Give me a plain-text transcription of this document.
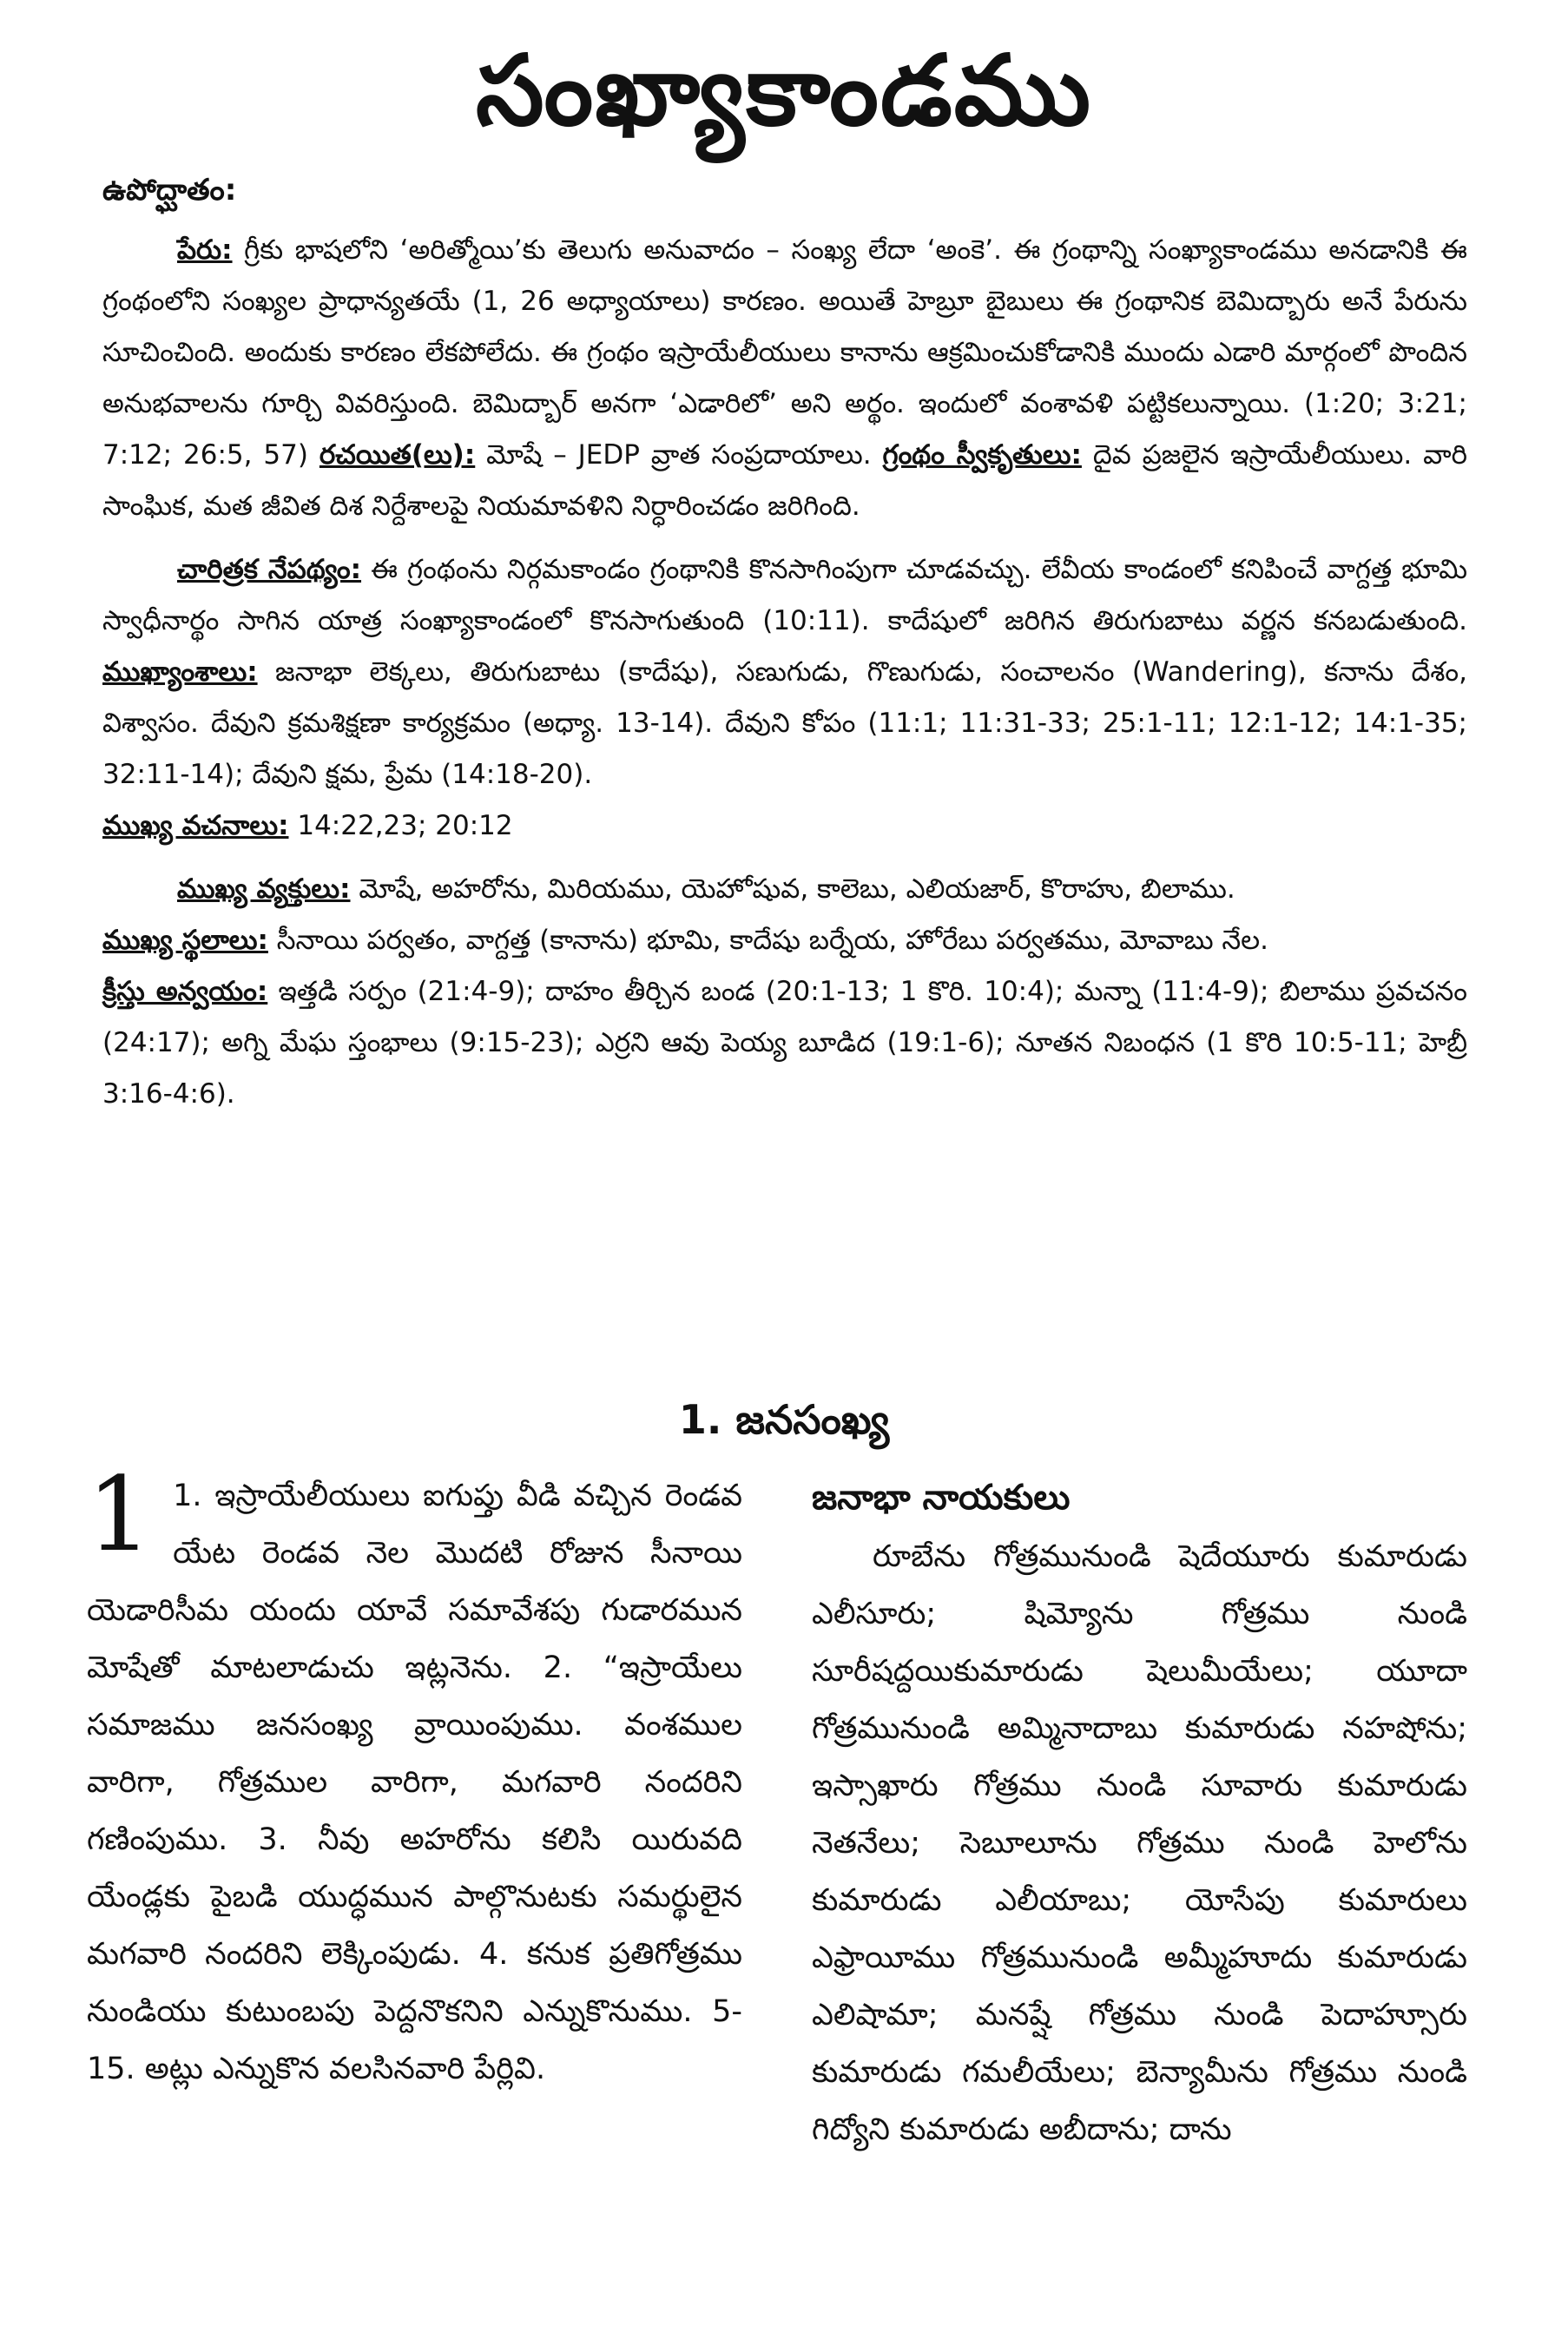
సంఖ్యాకాండము
ఉపోద్ఘాతం:

పేరు: గ్రీకు భాషలోని ‘అరిత్మోయి’కు తెలుగు అనువాదం – సంఖ్య లేదా ‘అంకె’. ఈ గ్రంథాన్ని సంఖ్యాకాండము అనడానికి ఈ గ్రంథంలోని సంఖ్యల ప్రాధాన్యతయే (1, 26 అధ్యాయాలు) కారణం. అయితే హెబ్రూ బైబులు ఈ గ్రంథానిక బెమిద్బారు అనే పేరును సూచించింది. అందుకు కారణం లేకపోలేదు. ఈ గ్రంథం ఇస్రాయేలీయులు కానాను ఆక్రమించుకోడానికి ముందు ఎడారి మార్గంలో పొందిన అనుభవాలను గూర్చి వివరిస్తుంది. బెమిద్బార్ అనగా ‘ఎడారిలో’ అని అర్థం. ఇందులో వంశావళి పట్టికలున్నాయి. (1:20; 3:21; 7:12; 26:5, 57) రచయిత(లు): మోషే – JEDP వ్రాత సంప్రదాయాలు. గ్రంథం స్వీకృతులు: దైవ ప్రజలైన ఇస్రాయేలీయులు. వారి సాంఘిక, మత జీవిత దిశ నిర్దేశాలపై నియమావళిని నిర్ధారించడం జరిగింది.

చారిత్రక నేపథ్యం: ఈ గ్రంథంను నిర్గమకాండం గ్రంథానికి కొనసాగింపుగా చూడవచ్చు. లేవీయ కాండంలో కనిపించే వాగ్దత్త భూమి స్వాధీనార్థం సాగిన యాత్ర సంఖ్యాకాండంలో కొనసాగుతుంది (10:11). కాదేషులో జరిగిన తిరుగుబాటు వర్ణన కనబడుతుంది. ముఖ్యాంశాలు: జనాభా లెక్కలు, తిరుగుబాటు (కాదేషు), సణుగుడు, గొణుగుడు, సంచాలనం (Wandering), కనాను దేశం, విశ్వాసం. దేవుని క్రమశిక్షణా కార్యక్రమం (అధ్యా. 13-14). దేవుని కోపం (11:1; 11:31-33; 25:1-11; 12:1-12; 14:1-35; 32:11-14); దేవుని క్షమ, ప్రేమ (14:18-20).
ముఖ్య వచనాలు: 14:22,23; 20:12

ముఖ్య వ్యక్తులు: మోషే, అహరోను, మిరియము, యెహోషువ, కాలెబు, ఎలియజార్, కొరాహు, బిలాము.
ముఖ్య స్థలాలు: సీనాయి పర్వతం, వాగ్దత్త (కానాను) భూమి, కాదేషు బర్నేయ, హోరేబు పర్వతము, మోవాబు నేల.
క్రీస్తు అన్వయం: ఇత్తడి సర్పం (21:4-9); దాహం తీర్చిన బండ (20:1-13; 1 కొరి. 10:4); మన్నా (11:4-9); బిలాము ప్రవచనం (24:17); అగ్ని మేఘ స్తంభాలు (9:15-23); ఎర్రని ఆవు పెయ్య బూడిద (19:1-6); నూతన నిబంధన (1 కొరి 10:5-11; హెబ్రీ 3:16-4:6).

1. జనసంఖ్య
1 1. ఇస్రాయేలీయులు ఐగుప్తు వీడి వచ్చిన రెండవ యేట రెండవ నెల మొదటి రోజున సీనాయి యెడారిసీమ యందు యావే సమావేశపు గుడారమున మోషేతో మాటలాడుచు ఇట్లనెను. 2. “ఇస్రాయేలు సమాజము జనసంఖ్య వ్రాయింపుము. వంశముల వారిగా, గోత్రముల వారిగా, మగవారి నందరిని గణింపుము. 3. నీవు అహరోను కలిసి యిరువది యేండ్లకు పైబడి యుద్ధమున పాల్గొనుటకు సమర్థులైన మగవారి నందరిని లెక్కింపుడు. 4. కనుక ప్రతిగోత్రము నుండియు కుటుంబపు పెద్దనొకనిని ఎన్నుకొనుము. 5-15. అట్లు ఎన్నుకొన వలసినవారి పేర్లివి.
జనాభా నాయకులు
రూబేను గోత్రమునుండి షెదేయూరు కుమారుడు ఎలీసూరు; షిమ్యోను గోత్రము నుండి సూరీషద్దయికుమారుడు షెలుమీయేలు; యూదా గోత్రమునుండి అమ్మినాదాబు కుమారుడు నహషోను; ఇస్సాఖారు గోత్రము నుండి సూవారు కుమారుడు నెతనేలు; సెబూలూను గోత్రము నుండి హెలోను కుమారుడు ఎలీయాబు; యోసేపు కుమారులు ఎఫ్రాయీము గోత్రమునుండి అమ్మీహూదు కుమారుడు ఎలిషామా; మనష్షే గోత్రము నుండి పెదాహ్సూరు కుమారుడు గమలీయేలు; బెన్యామీను గోత్రము నుండి గిద్యోని కుమారుడు అబీదాను; దాను
